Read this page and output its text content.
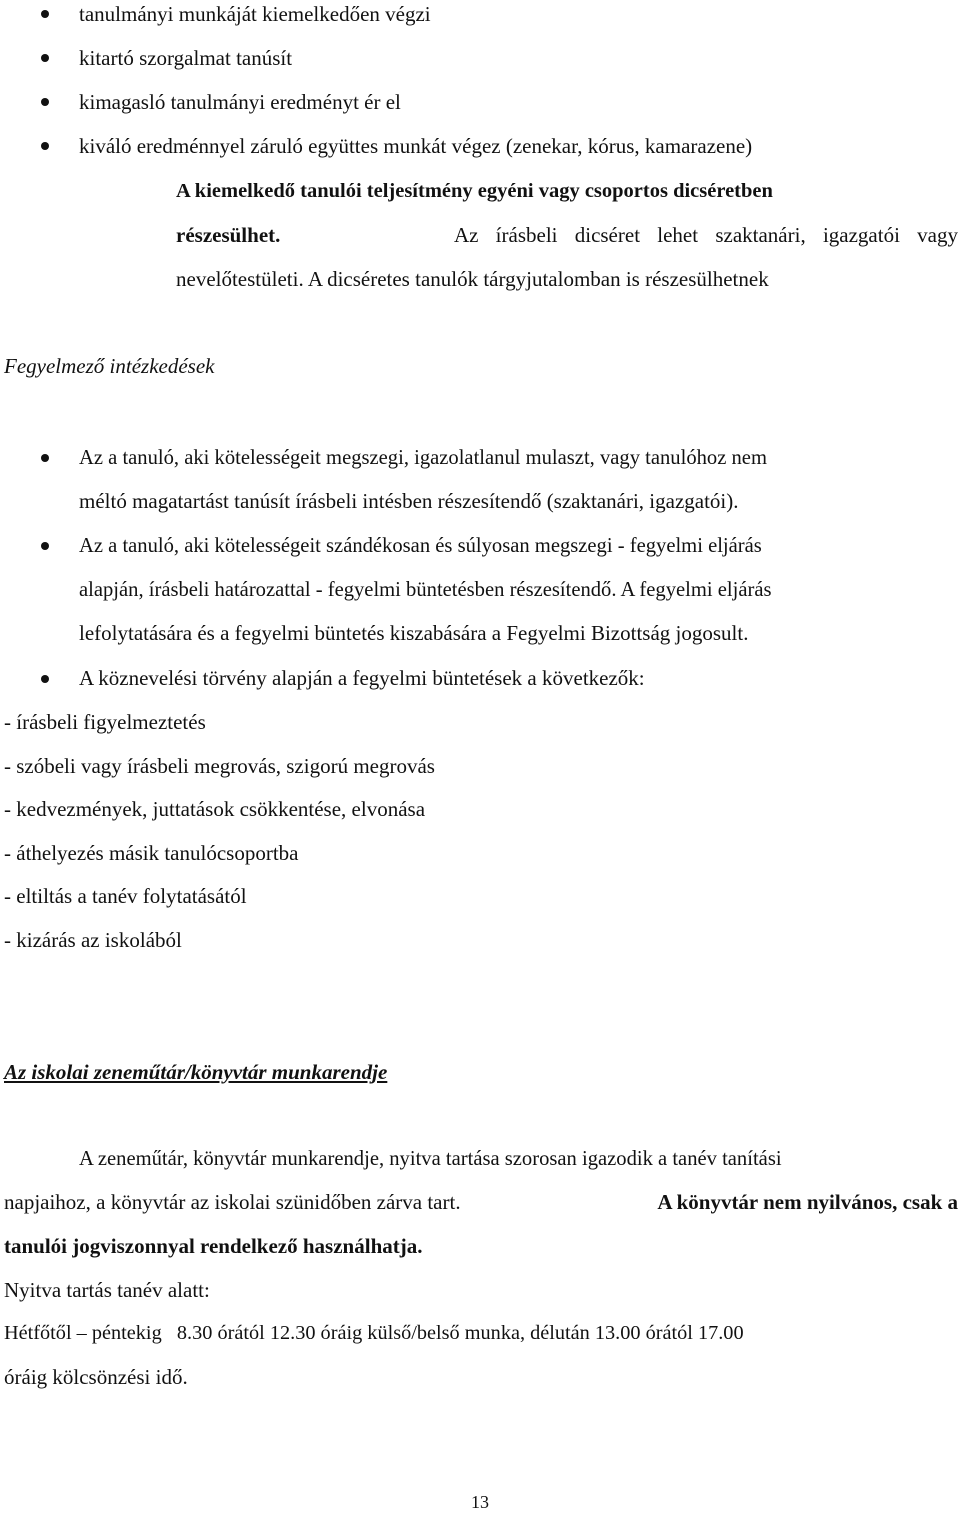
tanulmányi munkáját kiemelkedően végzi
kitartó szorgalmat tanúsít
kimagasló tanulmányi eredményt ér el
kiváló eredménnyel záruló együttes munkát végez (zenekar, kórus, kamarazene)
A kiemelkedő tanulói teljesítmény egyéni vagy csoportos dicséretben
részesülhet.	Az írásbeli dicséret lehet szaktanári, igazgatói vagy
nevelőtestületi. A dicséretes tanulók tárgyjutalomban is részesülhetnek
Fegyelmező intézkedések
Az a tanuló, aki kötelességeit megszegi, igazolatlanul mulaszt, vagy tanulóhoz nem
méltó magatartást tanúsít írásbeli intésben részesítendő (szaktanári, igazgatói).
Az a tanuló, aki kötelességeit szándékosan és súlyosan megszegi - fegyelmi eljárás
alapján, írásbeli határozattal - fegyelmi büntetésben részesítendő. A fegyelmi eljárás
lefolytatására és a fegyelmi büntetés kiszabására a Fegyelmi Bizottság jogosult.
A köznevelési törvény alapján a fegyelmi büntetések a következők:
- írásbeli figyelmeztetés
- szóbeli vagy írásbeli megrovás, szigorú megrovás
- kedvezmények, juttatások csökkentése, elvonása
- áthelyezés másik tanulócsoportba
- eltiltás a tanév folytatásától
- kizárás az iskolából
Az iskolai zeneműtár/könyvtár munkarendje
A zeneműtár, könyvtár munkarendje, nyitva tartása szorosan igazodik a tanév tanítási
napjaihoz, a könyvtár az iskolai szünidőben zárva tart.	A könyvtár nem nyilvános, csak a
tanulói jogviszonnyal rendelkező használhatja.
Nyitva tartás tanév alatt:
Hétfőtől – péntekig   8.30 órától 12.30 óráig külső/belső munka, délután 13.00 órától 17.00
óráig kölcsönzési idő.
13
